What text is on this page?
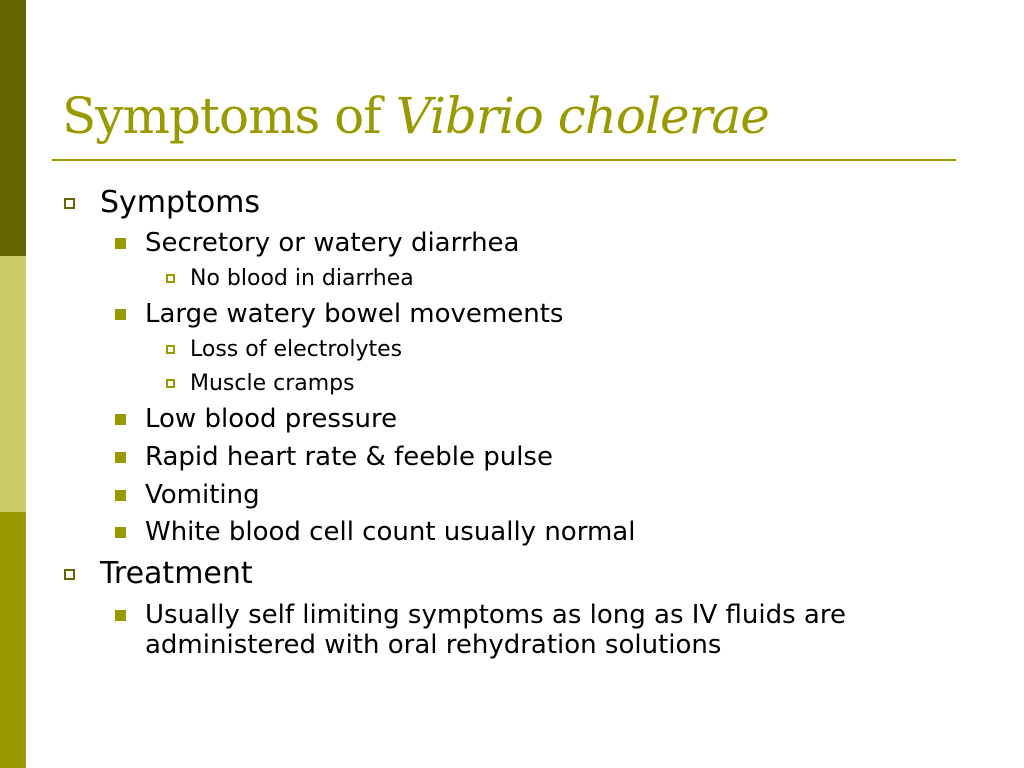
Symptoms of Vibrio cholerae
Symptoms
Secretory or watery diarrhea
No blood in diarrhea
Large watery bowel movements
Loss of electrolytes
Muscle cramps
Low blood pressure
Rapid heart rate & feeble pulse
Vomiting
White blood cell count usually normal
Treatment
Usually self limiting symptoms as long as IV fluids are
administered with oral rehydration solutions
